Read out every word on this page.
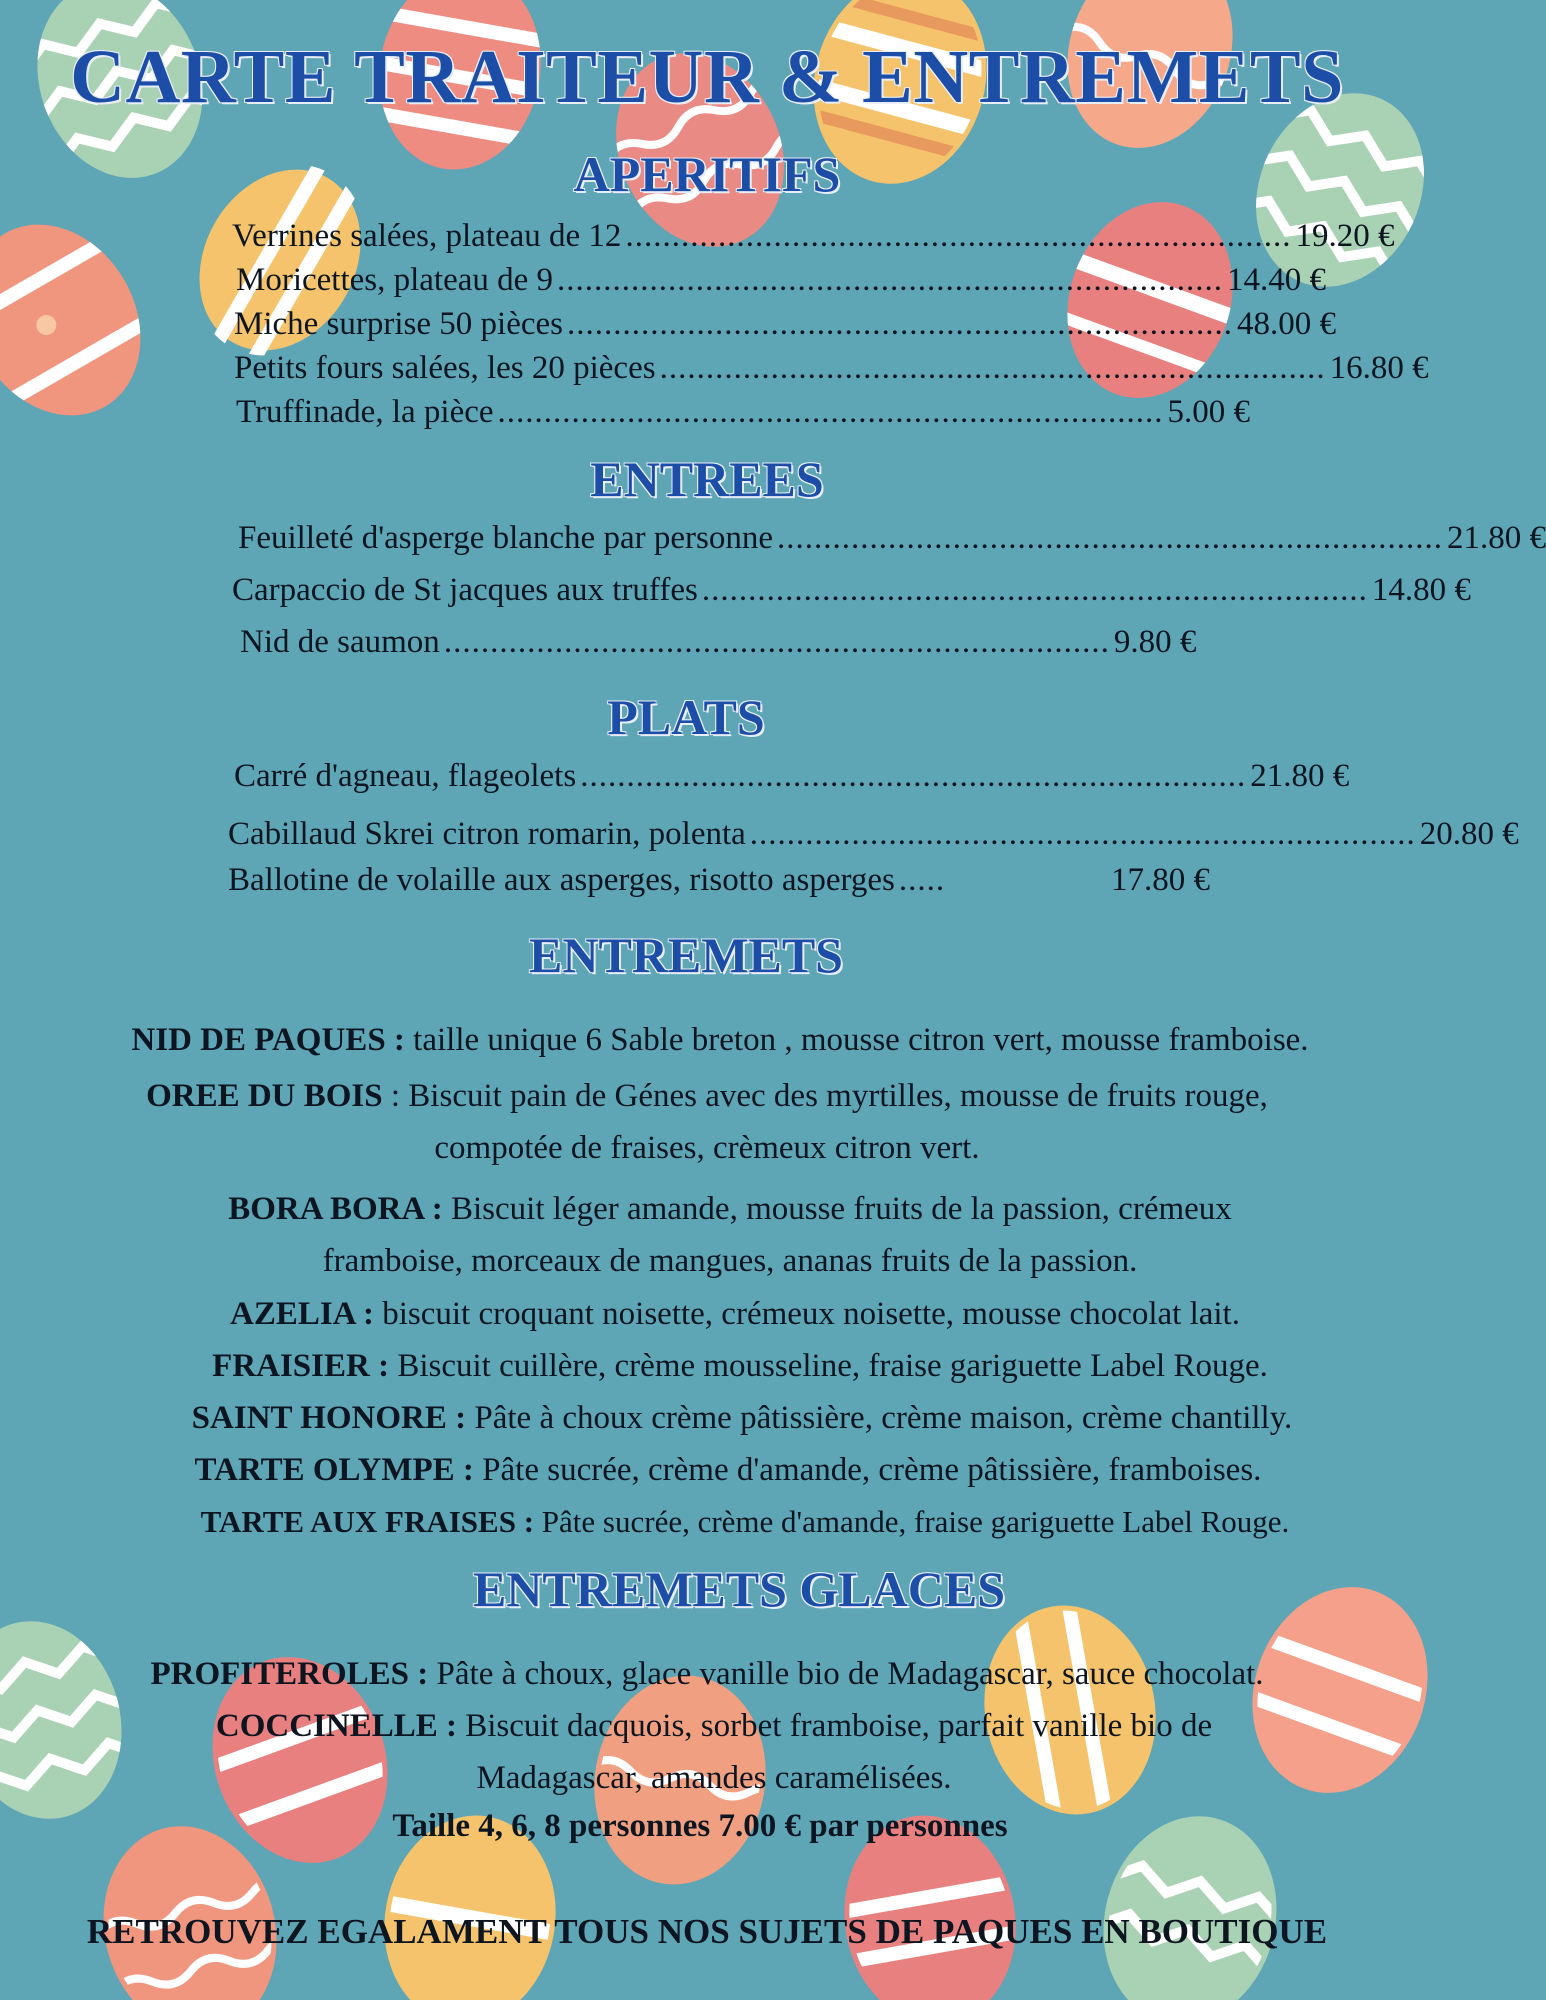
CARTE TRAITEUR & ENTREMETS
APERITIFS
Verrines salées, plateau de 12 ........................................................................ 19.20 €
Moricettes, plateau de 9 ........................................................................ 14.40 €
Miche surprise 50 pièces ........................................................................ 48.00 €
Petits fours salées, les 20 pièces ........................................................................ 16.80 €
Truffinade, la pièce ........................................................................ 5.00 €
ENTREES
Feuilleté d'asperge blanche par personne ........................................................................ 21.80 €
Carpaccio de St jacques aux truffes ........................................................................ 14.80 €
Nid de saumon ........................................................................ 9.80 €
PLATS
Carré d'agneau, flageolets ........................................................................ 21.80 €
Cabillaud Skrei citron romarin, polenta ........................................................................ 20.80 €
Ballotine de volaille aux asperges, risotto asperges .....	17.80 €
ENTREMETS
NID DE PAQUES : taille unique 6 Sable breton , mousse citron vert, mousse framboise.
OREE DU BOIS : Biscuit pain de Génes avec des myrtilles, mousse de fruits rouge,
compotée de fraises, crèmeux citron vert.
BORA BORA : Biscuit léger amande, mousse fruits de la passion, crémeux
framboise, morceaux de mangues, ananas fruits de la passion.
AZELIA : biscuit croquant noisette, crémeux noisette, mousse chocolat lait.
FRAISIER : Biscuit cuillère, crème mousseline, fraise gariguette Label Rouge.
SAINT HONORE : Pâte à choux crème pâtissière, crème maison, crème chantilly.
TARTE OLYMPE : Pâte sucrée, crème d'amande, crème pâtissière, framboises.
TARTE AUX FRAISES : Pâte sucrée, crème d'amande, fraise gariguette Label Rouge.
ENTREMETS GLACES
PROFITEROLES : Pâte à choux, glace vanille bio de Madagascar, sauce chocolat.
COCCINELLE : Biscuit dacquois, sorbet framboise, parfait vanille bio de
Madagascar, amandes caramélisées.
Taille 4, 6, 8 personnes 7.00 € par personnes
RETROUVEZ EGALAMENT TOUS NOS SUJETS DE PAQUES EN BOUTIQUE
